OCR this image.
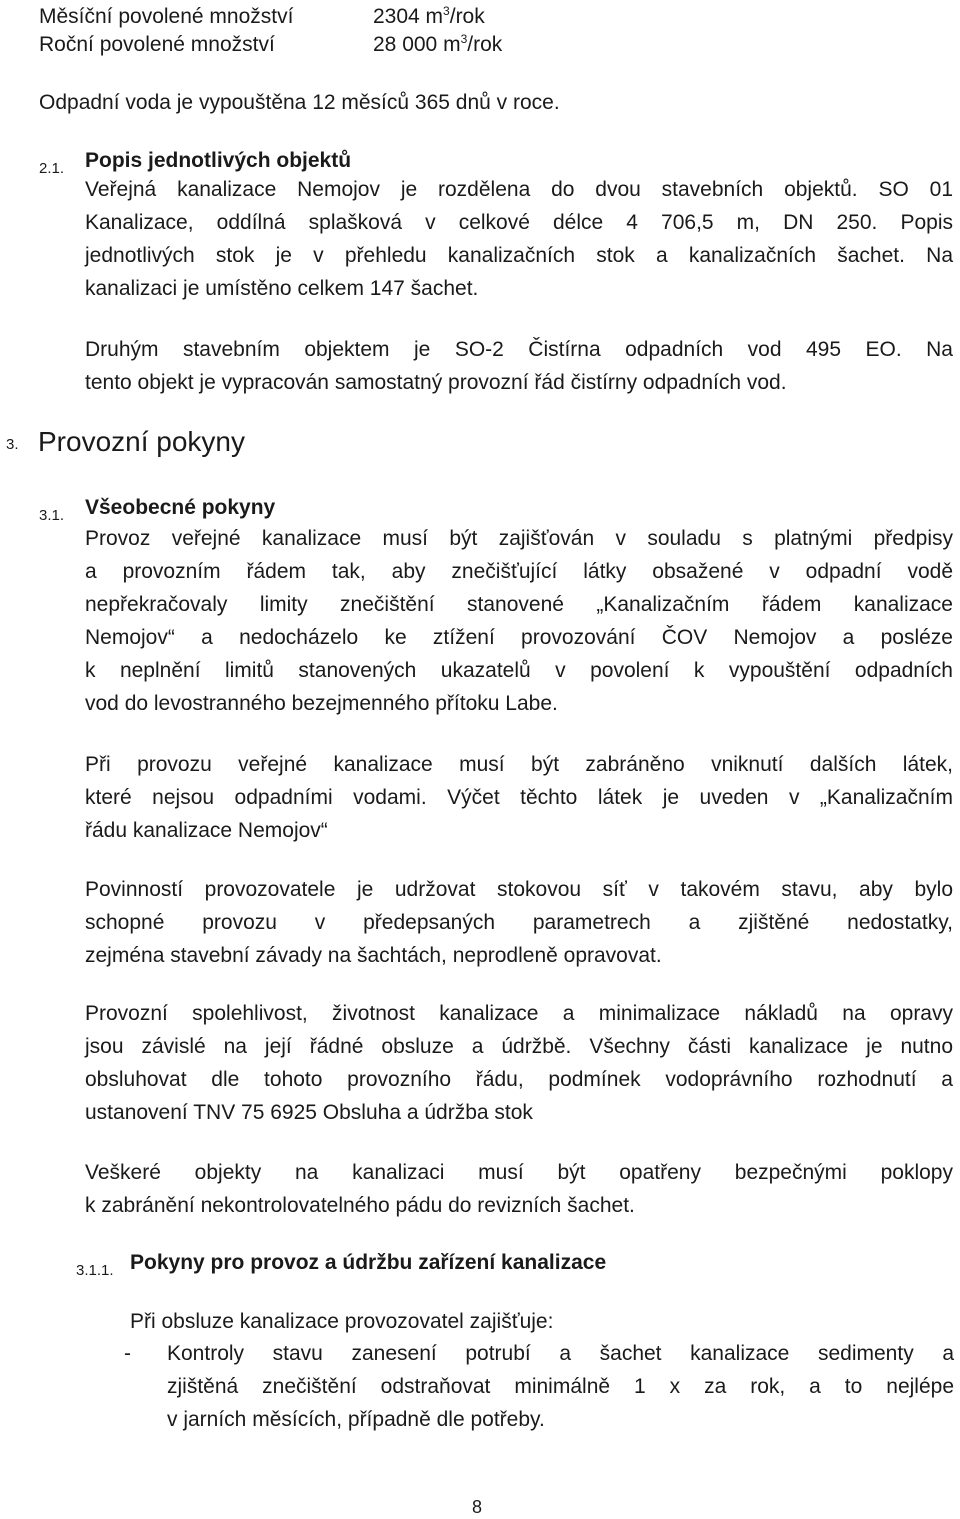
Měsíční povolené množství	2304 $m^3$/rok
Roční povolené množství	28 000 $m^3$/rok
Odpadní voda je vypouštěna 12 měsíců 365 dnů v roce.
2.1. Popis jednotlivých objektů

Veřejná kanalizace Nemojov je rozdělena do dvou stavebních objektů. SO 01

Kanalizace, oddílná splašková v celkové délce 4 706,5 m, DN 250. Popis

jednotlivých stok je v přehledu kanalizačních stok a kanalizačních šachet. Na

kanalizaci je umístěno celkem 147 šachet.

Druhým stavebním objektem je SO-2 Čistírna odpadních vod 495 EO. Na

tento objekt je vypracován samostatný provozní řád čistírny odpadních vod.

3. Provozní pokyny
3.1. Všeobecné pokyny

Provoz veřejné kanalizace musí být zajišťován v souladu s platnými předpisy

a provozním řádem tak, aby znečišťující látky obsažené v odpadní vodě

nepřekračovaly limity znečištění stanovené „Kanalizačním řádem kanalizace

Nemojov“ a nedocházelo ke ztížení provozování ČOV Nemojov a posléze

k neplnění limitů stanovených ukazatelů v povolení k vypouštění odpadních

vod do levostranného bezejmenného přítoku Labe.

Při provozu veřejné kanalizace musí být zabráněno vniknutí dalších látek,

které nejsou odpadními vodami. Výčet těchto látek je uveden v „Kanalizačním

řádu kanalizace Nemojov“

Povinností provozovatele je udržovat stokovou síť v takovém stavu, aby bylo

schopné provozu v předepsaných parametrech a zjištěné nedostatky,

zejména stavební závady na šachtách, neprodleně opravovat.

Provozní spolehlivost, životnost kanalizace a minimalizace nákladů na opravy

jsou závislé na její řádné obsluze a údržbě. Všechny části kanalizace je nutno

obsluhovat dle tohoto provozního řádu, podmínek vodoprávního rozhodnutí a

ustanovení TNV 75 6925 Obsluha a údržba stok

Veškeré objekty na kanalizaci musí být opatřeny bezpečnými poklopy

k zabránění nekontrolovatelného pádu do revizních šachet.

3.1.1. Pokyny pro provoz a údržbu zařízení kanalizace
Při obsluze kanalizace provozovatel zajišťuje:
- Kontroly stavu zanesení potrubí a šachet kanalizace sedimenty a

zjištěná znečištění odstraňovat minimálně 1 x za rok, a to nejlépe

v jarních měsících, případně dle potřeby.

8
